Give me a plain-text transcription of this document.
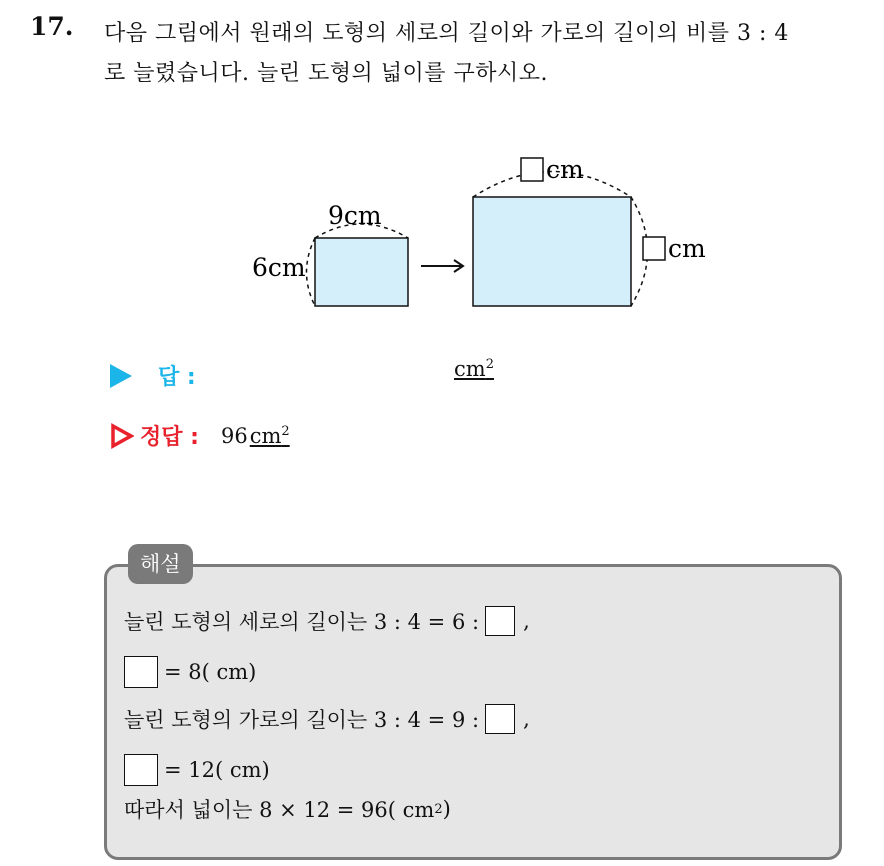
17. 다음 그림에서 원래의 도형의 세로의 길이와 가로의 길이의 비를 3 : 4
로 늘렸습니다. 늘린 도형의 넓이를 구하시오.
9cm
6cm
cm
cm
답 :	$cm^2$
정답 : 96 $cm^2$
해설
늘린 도형의 세로의 길이는 3 : 4 = 6 : ,
= 8( cm)
늘린 도형의 가로의 길이는 3 : 4 = 9 : ,
= 12( cm)
따라서 넓이는 8 × 12 = 96( cm 2 )
